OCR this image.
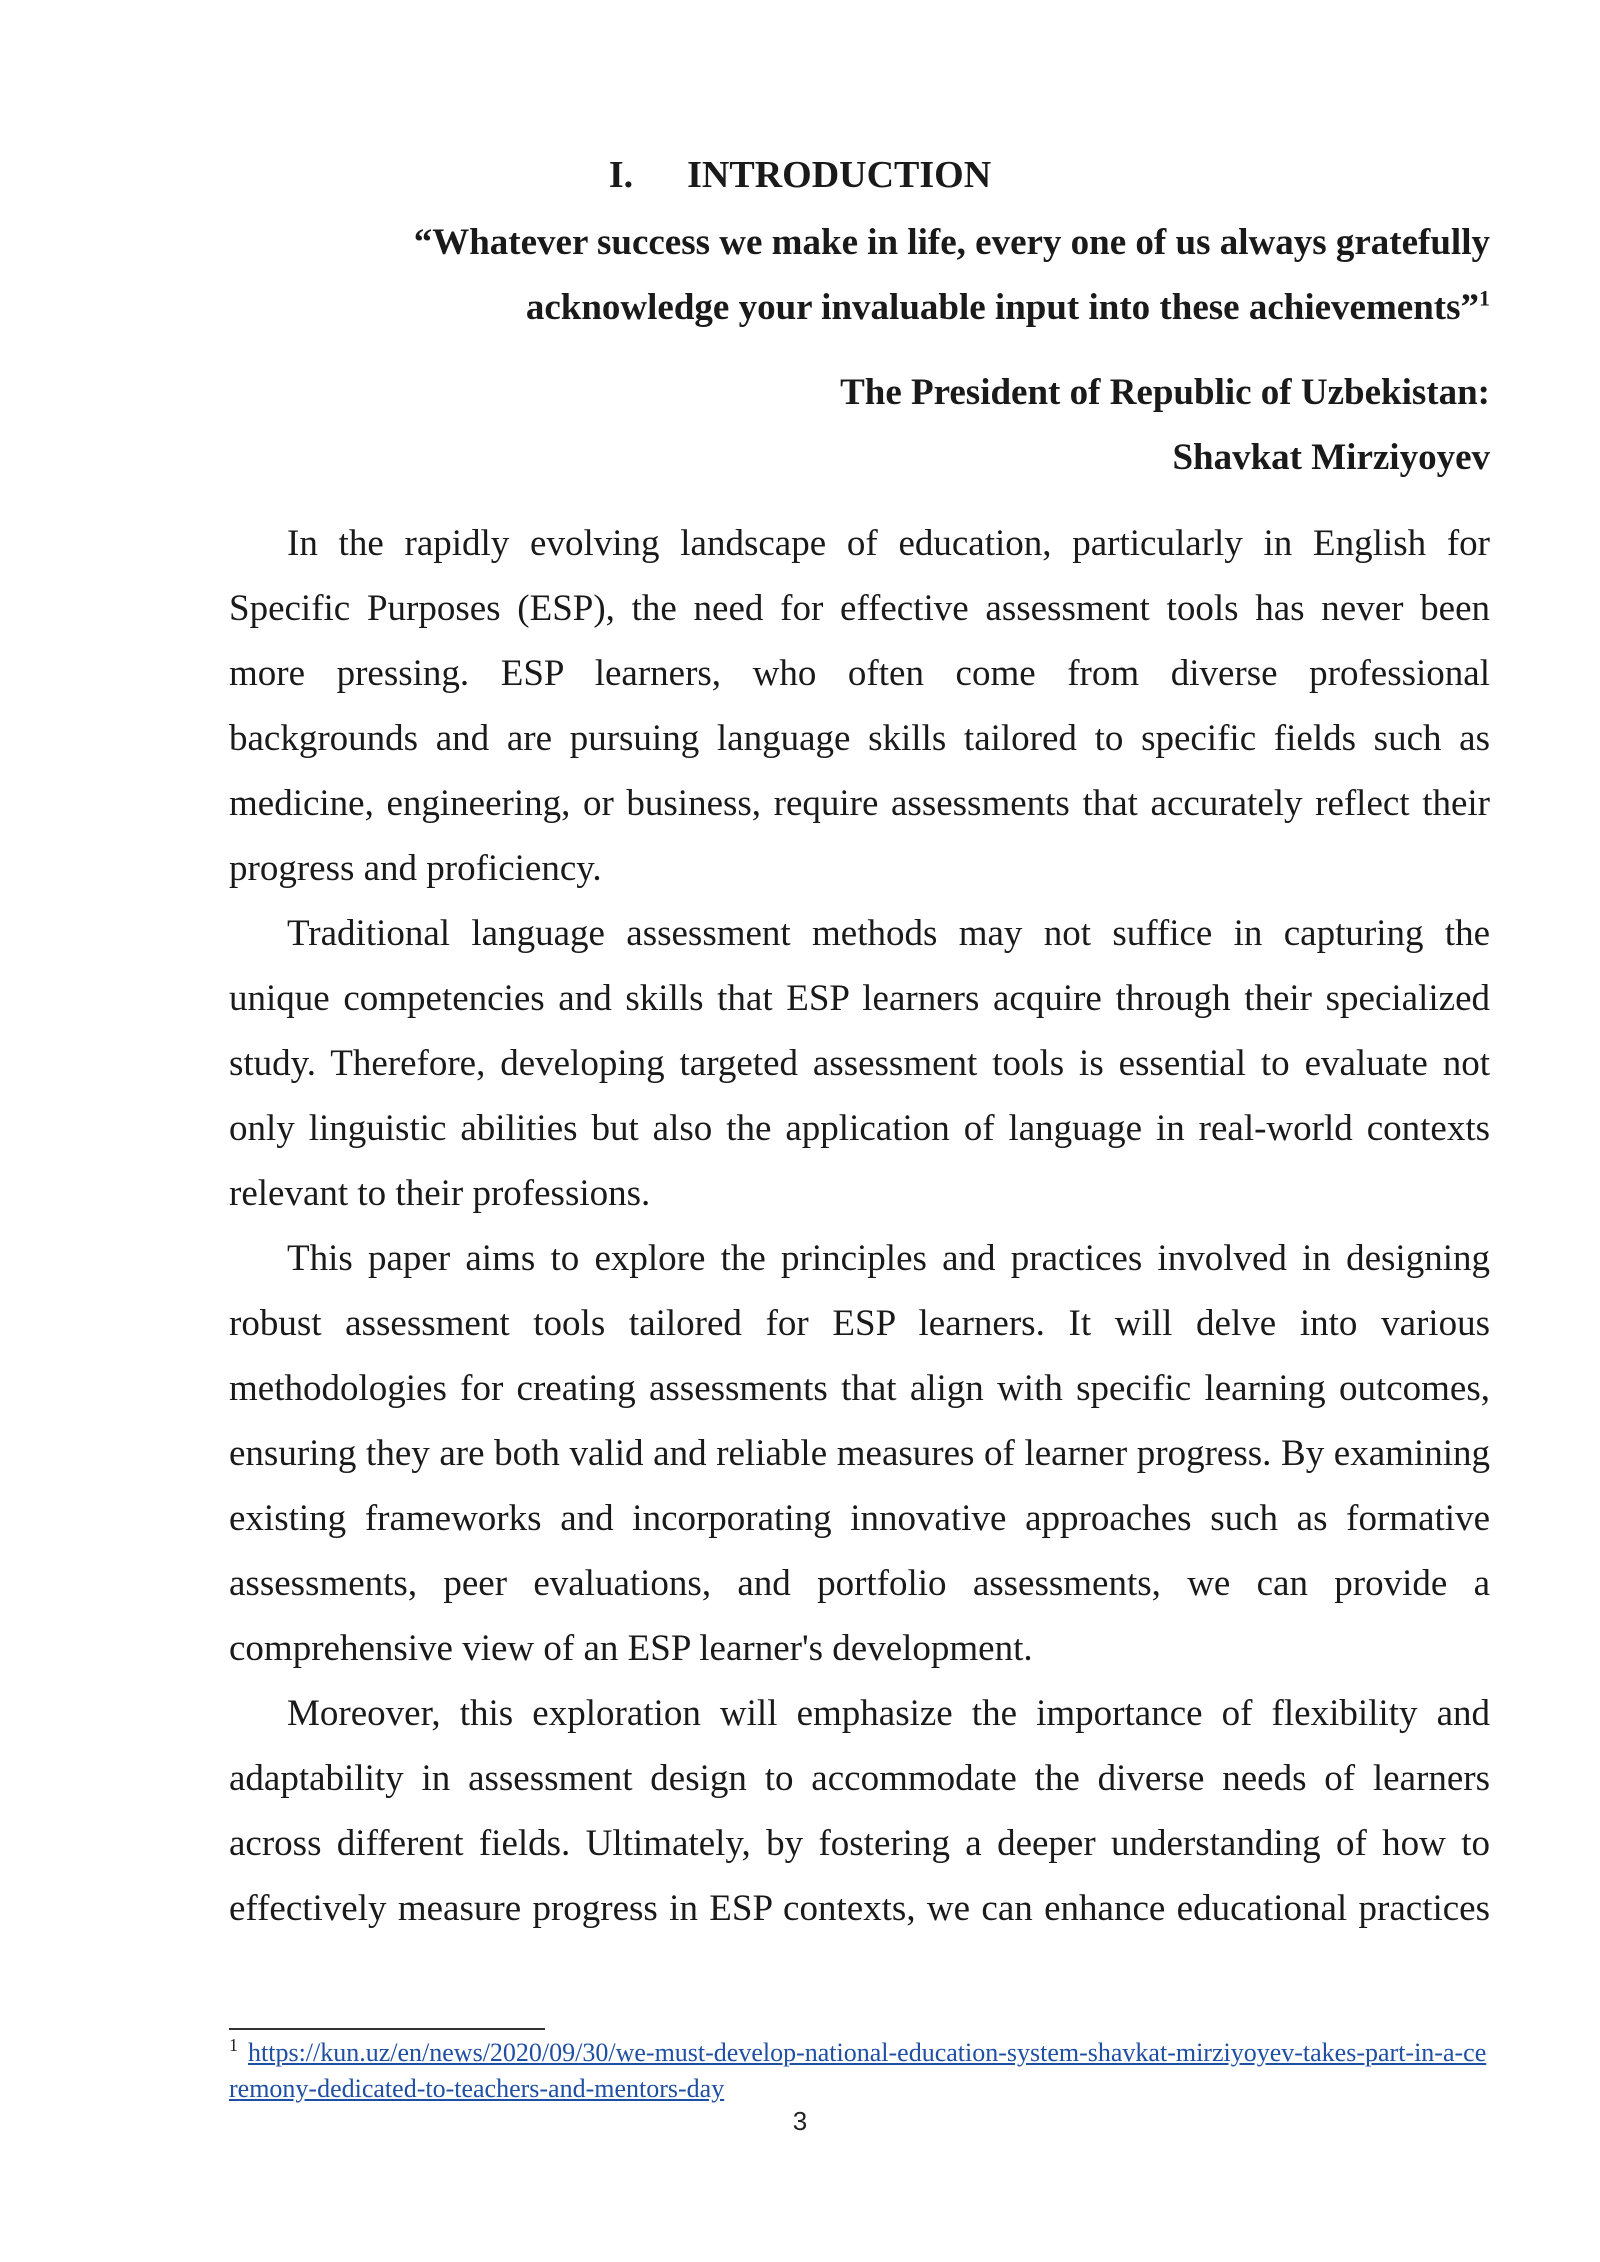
I. INTRODUCTION
“Whatever success we make in life, every one of us always gratefully
acknowledge your invaluable input into these achievements”$^1$
The President of Republic of Uzbekistan:
Shavkat Mirziyoyev
In the rapidly evolving landscape of education, particularly in English for
Specific Purposes (ESP), the need for effective assessment tools has never been
more pressing. ESP learners, who often come from diverse professional
backgrounds and are pursuing language skills tailored to specific fields such as
medicine, engineering, or business, require assessments that accurately reflect their
progress and proficiency.
Traditional language assessment methods may not suffice in capturing the
unique competencies and skills that ESP learners acquire through their specialized
study. Therefore, developing targeted assessment tools is essential to evaluate not
only linguistic abilities but also the application of language in real-world contexts
relevant to their professions.
This paper aims to explore the principles and practices involved in designing
robust assessment tools tailored for ESP learners. It will delve into various
methodologies for creating assessments that align with specific learning outcomes,
ensuring they are both valid and reliable measures of learner progress. By examining
existing frameworks and incorporating innovative approaches such as formative
assessments, peer evaluations, and portfolio assessments, we can provide a
comprehensive view of an ESP learner's development.
Moreover, this exploration will emphasize the importance of flexibility and
adaptability in assessment design to accommodate the diverse needs of learners
across different fields. Ultimately, by fostering a deeper understanding of how to
effectively measure progress in ESP contexts, we can enhance educational practices
$^1$ https://kun.uz/en/news/2020/09/30/we-must-develop-national-education-system-shavkat-mirziyoyev-takes-part-in-a-ceremony-dedicated-to-teachers-and-mentors-day
3
